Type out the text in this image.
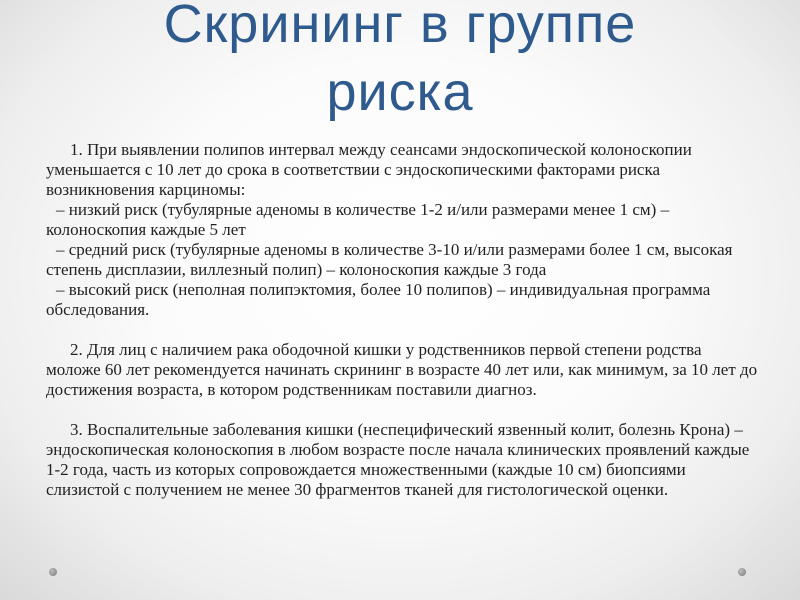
Скрининг в группе
риска

1. При выявлении полипов интервал между сеансами эндоскопической колоноскопии уменьшается с 10 лет до срока в соответствии с эндоскопическими факторами риска возникновения карциномы:

– низкий риск (тубулярные аденомы в количестве 1-2 и/или размерами менее 1 см) – колоноскопия каждые 5 лет

– средний риск (тубулярные аденомы в количестве 3-10 и/или размерами более 1 см, высокая степень дисплазии, виллезный полип) – колоноскопия каждые 3 года

– высокий риск (неполная полипэктомия, более 10 полипов) – индивидуальная программа обследования.

2. Для лиц с наличием рака ободочной кишки у родственников первой степени родства моложе 60 лет рекомендуется начинать скрининг в возрасте 40 лет или, как минимум, за 10 лет до достижения возраста, в котором родственникам поставили диагноз.

3. Воспалительные заболевания кишки (неспецифический язвенный колит, болезнь Крона) – эндоскопическая колоноскопия в любом возрасте после начала клинических проявлений каждые 1-2 года, часть из которых сопровождается множественными (каждые 10 см) биопсиями слизистой с получением не менее 30 фрагментов тканей для гистологической оценки.
